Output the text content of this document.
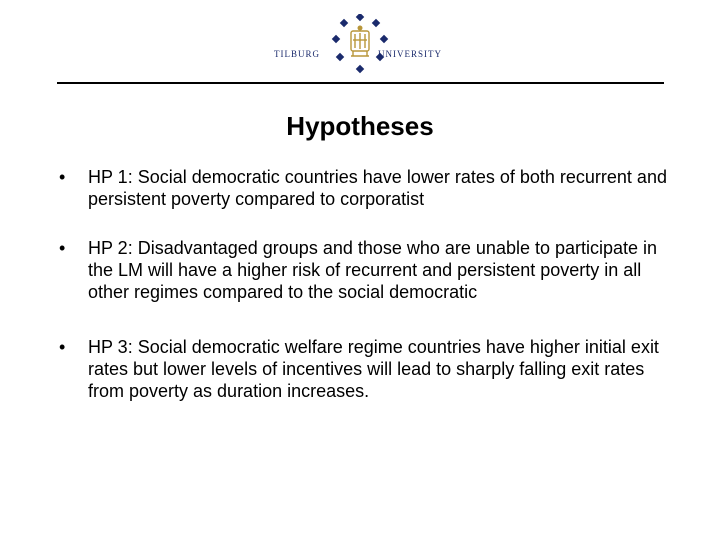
TILBURG	UNIVERSITY
Hypotheses
• HP 1: Social democratic countries have lower rates of both recurrent and persistent poverty compared to corporatist
• HP 2: Disadvantaged groups and those who are unable to participate in the LM will have a higher risk of recurrent and persistent poverty in all other regimes compared to the social democratic
• HP 3: Social democratic welfare regime countries have higher initial exit rates but lower levels of incentives will lead to sharply falling exit rates from poverty as duration increases.
